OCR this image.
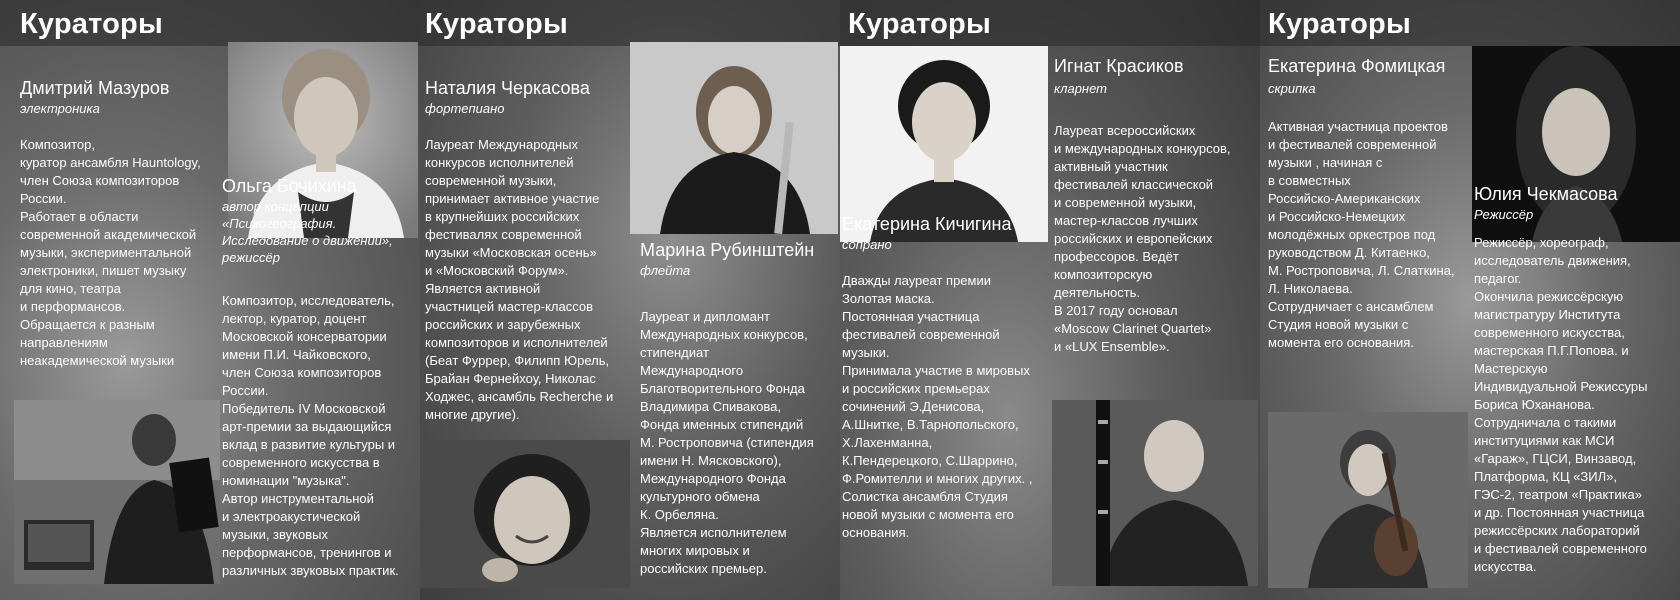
Кураторы
Дмитрий Мазуров
электроника
Композитор,
куратор ансамбля Hauntology,
член Союза композиторов
России.
Работает в области
современной академической
музыки, экспериментальной
электроники, пишет музыку
для кино, театра
и перформансов.
Обращается к разным
направлениям
неакадемической музыки
Ольга Бочихина
автор концепции «Психогеография. Исследование о движении», режиссёр
Композитор, исследователь,
лектор, куратор, доцент
Московской консерватории
имени П.И. Чайковского,
член Союза композиторов
России.
Победитель IV Московской
арт-премии за выдающийся
вклад в развитие культуры и
современного искусства в
номинации "музыка".
Автор инструментальной
и электроакустической
музыки, звуковых
перформансов, тренингов и
различных звуковых практик.
Кураторы
Наталия Черкасова
фортепиано
Лауреат Международных
конкурсов исполнителей
современной музыки,
принимает активное участие
в крупнейших российских
фестивалях современной
музыки «Московская осень»
и «Московский Форум».
Является активной
участницей мастер-классов
российских и зарубежных
композиторов и исполнителей
(Бeaт Фуррер, Филипп Юрель,
Брайан Фернейхоу, Николас
Ходжес, ансамбль Recherche и
многие другие).
Марина Рубинштейн
флейта
Лауреат и дипломант
Международных конкурсов,
стипендиат
Международного
Благотворительного Фонда
Владимира Спивакова,
Фонда именных стипендий
М. Ростроповича (стипендия
имени Н. Мясковского),
Международного Фонда
культурного обмена
К. Орбеляна.
Является исполнителем
многих мировых и
российских премьер.
Кураторы
Игнат Красиков
кларнет
Лауреат всероссийских
и международных конкурсов,
активный участник
фестивалей классической
и современной музыки,
мастер-классов лучших
российских и европейских
профессоров. Ведёт
композиторскую
деятельность.
В 2017 году основал
«Moscow Clarinet Quartet»
и «LUX Ensemble».
Екатерина Кичигина
сопрано
Дважды лауреат премии
Золотая маска.
Постоянная участница
фестивалей современной
музыки.
Принимала участие в мировых
и российских премьерах
сочинений Э.Денисова,
А.Шнитке, В.Тарнопольского,
Х.Лахенманна,
К.Пендерецкого, С.Шаррино,
Ф.Ромителли и многих других. ,
Солистка ансамбля Студия
новой музыки с момента его
основания.
Кураторы
Екатерина Фомицкая
скрипка
Активная участница проектов
и фестивалей современной
музыки , начиная с
в совместных
Российско-Американских
и Российско-Немецких
молодёжных оркестров под
руководством Д. Китаенко,
М. Ростроповича, Л. Слаткина,
Л. Николаева.
Сотрудничает с ансамблем
Студия новой музыки с
момента его основания.
Юлия Чекмасова
Режиссёр
Режиссёр, хореограф,
исследователь движения,
педагог.
Окончила режиссёрскую
магистратуру Института
современного искусства,
мастерская П.Г.Попова. и
Мастерскую
Индивидуальной Режиссуры
Бориса Юхананова.
Сотрудничала с такими
институциями как МСИ
«Гараж», ГЦСИ, Винзавод,
Платформа, КЦ «ЗИЛ»,
ГЭС-2, театром «Практика»
и др. Постоянная участница
режиссёрских лабораторий
и фестивалей современного
искусства.
